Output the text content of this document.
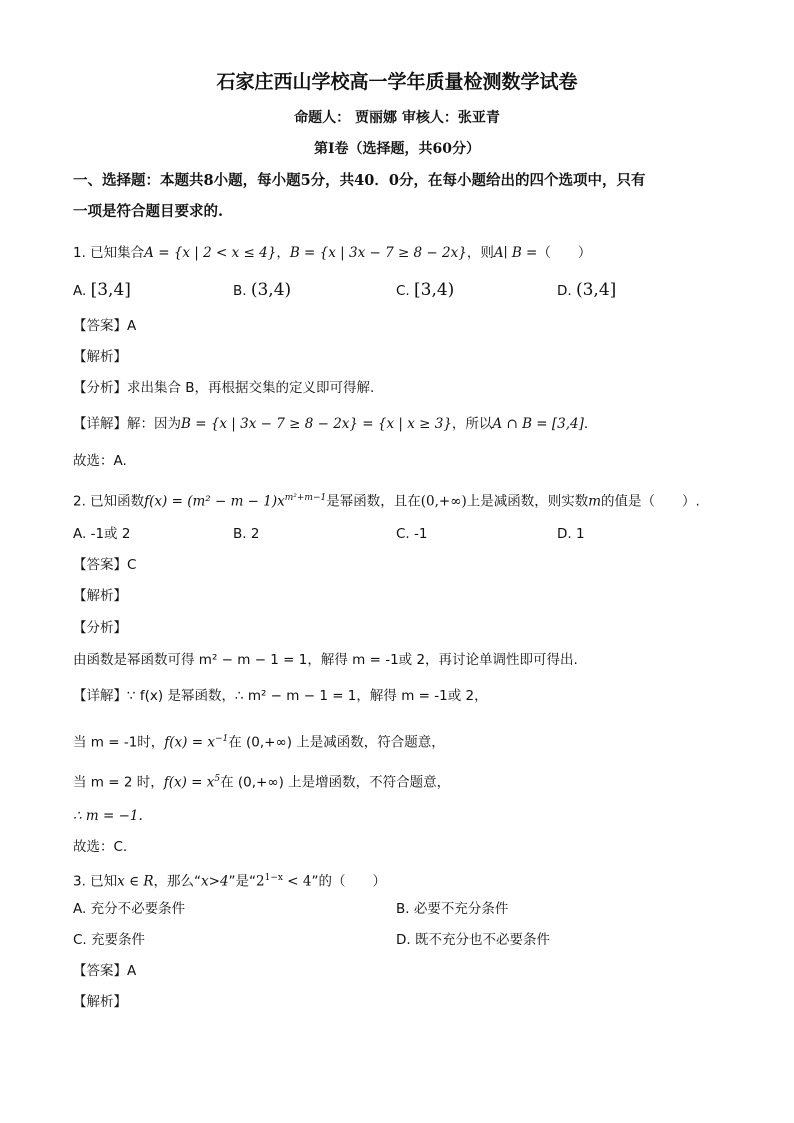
石家庄西山学校高一学年质量检测数学试卷
命题人： 贾丽娜 审核人：张亚青
第Ⅰ卷（选择题，共60分）
一、选择题：本题共8小题，每小题5分，共40．0分，在每小题给出的四个选项中，只有
一项是符合题目要求的.
1. 已知集合A = {x | 2 < x ≤ 4}，B = {x | 3x − 7 ≥ 8 − 2x}，则A∣ B =（　　）
A. [3,4]	B. (3,4)	C. [3,4)	D. (3,4]
【答案】A
【解析】
【分析】求出集合 B，再根据交集的定义即可得解.
【详解】解：因为B = {x | 3x − 7 ≥ 8 − 2x} = {x | x ≥ 3}，所以A ∩ B = [3,4].
故选：A.
2. 已知函数$f(x) = (m^2 - m - 1)x^{m^2+m-1}$是幂函数，且在(0,+∞)上是减函数，则实数m的值是（　　）.
A. -1或 2	B. 2	C. -1	D. 1
【答案】C
【解析】
【分析】
由函数是幂函数可得 m² − m − 1 = 1，解得 m = -1或 2，再讨论单调性即可得出.
【详解】∵ f(x) 是幂函数，∴ m² − m − 1 = 1，解得 m = -1或 2，
当 m = -1时，$f(x) = x^{-1}$在 (0,+∞) 上是减函数，符合题意，
当 m = 2 时，$f(x) = x^5$在 (0,+∞) 上是增函数，不符合题意，
∴ m = −1.
故选：C.
3. 已知x ∈ R，那么“x>4”是“$2^{1-x} < 4$”的（　　）
A. 充分不必要条件	B. 必要不充分条件
C. 充要条件	D. 既不充分也不必要条件
【答案】A
【解析】
